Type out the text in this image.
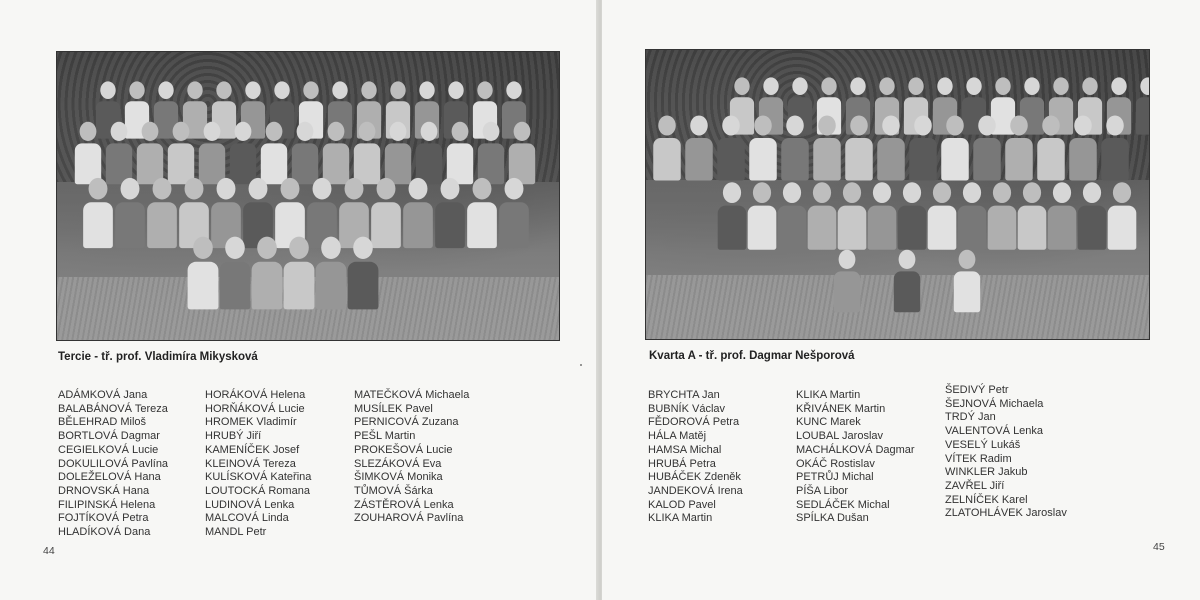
Tercie - tř. prof. Vladimíra Mikysková
ADÁMKOVÁ Jana
BALABÁNOVÁ Tereza
BĚLEHRAD Miloš
BORTLOVÁ Dagmar
CEGIELKOVÁ Lucie
DOKULILOVÁ Pavlína
DOLEŽELOVÁ Hana
DRNOVSKÁ Hana
FILIPINSKÁ Helena
FOJTÍKOVÁ Petra
HLADÍKOVÁ Dana
HORÁKOVÁ Helena
HORŇÁKOVÁ Lucie
HROMEK Vladimír
HRUBÝ Jiří
KAMENÍČEK Josef
KLEINOVÁ Tereza
KULÍSKOVÁ Kateřina
LOUTOCKÁ Romana
LUDINOVÁ Lenka
MALCOVÁ Linda
MANDL Petr
MATEČKOVÁ Michaela
MUSÍLEK Pavel
PERNICOVÁ Zuzana
PEŠL Martin
PROKEŠOVÁ Lucie
SLEZÁKOVÁ Eva
ŠIMKOVÁ Monika
TŮMOVÁ Šárka
ZÁSTĚROVÁ Lenka
ZOUHAROVÁ Pavlína
44
Kvarta A - tř. prof. Dagmar Nešporová
BRYCHTA Jan
BUBNÍK Václav
FĚDOROVÁ Petra
HÁLA Matěj
HAMSA Michal
HRUBÁ Petra
HUBÁČEK Zdeněk
JANDEKOVÁ Irena
KALOD Pavel
KLIKA Martin
KLIKA Martin
KŘIVÁNEK Martin
KUNC Marek
LOUBAL Jaroslav
MACHÁLKOVÁ Dagmar
OKÁČ Rostislav
PETRŮJ Michal
PÍŠA Libor
SEDLÁČEK Michal
SPÍLKA Dušan
ŠEDIVÝ Petr
ŠEJNOVÁ Michaela
TRDÝ Jan
VALENTOVÁ Lenka
VESELÝ Lukáš
VÍTEK Radim
WINKLER Jakub
ZAVŘEL Jiří
ZELNÍČEK Karel
ZLATOHLÁVEK Jaroslav
45
